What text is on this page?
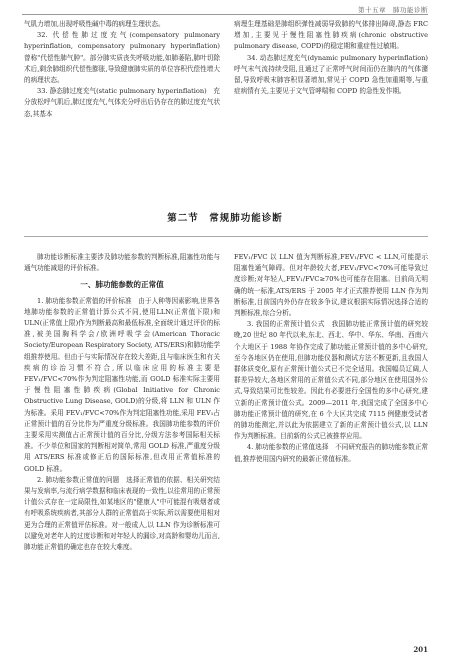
第十五章　肺功能诊断

气肌力增加,出现呼吸性碱中毒的病理生理状态。

32. 代偿性肺过度充气(compensatory pulmonary hyperinflation, compensatory pulmonary hyperinflation)　曾称"代偿性肺气肿"。部分肺实质丧失呼吸功能,如肺萎陷,肺叶切除术后,剩余肺组织代偿性膨胀,导致健康肺实质的单位容积代偿性增大的病理状态。

33. 静态肺过度充气(static pulmonary hyperinflation)　充分放松呼气肌后,肺过度充气,气体充分呼出后仍存在的肺过度充气状态,其基本

病理生理基础是肺组织弹性减弱导致肺的气体排出障碍,静态 FRC 增加,主要见于慢性阻塞性肺疾病(chronic obstructive pulmonary disease, COPD)的稳定期和重症性过敏期。

34. 动态肺过度充气(dynamic pulmonary hyperinflation)　呼气末气流持续受阻,且通过了正常呼气时间而仍在肺内的气体潴留,导致呼吸末肺容积显著增加,常见于 COPD 急性加重期等,与重症病情有关,主要见于文气管哮喘和 COPD 的急性发作期。

第二节　常规肺功能诊断

肺功能诊断标准主要涉及肺功能参数的判断标准,阻塞性功能与通气功能减退的评价标准。

一、肺功能参数的正常值

1. 肺功能参数正常值的评价标准　由于人种等因素影响,世界各地肺功能参数的正常值计算公式不同,使用LLN(正常值下限)和 ULN(正常值上限)作为判断最高和最低标准,全面统计通过评价的标准,被美国胸科学会/欧洲呼吸学会(American Thoracic Society/European Respiratory Society, ATS/ERS)和肺功能学组推荐使用。但由于与实际情况存在较大差距,且与临床医生和有关疾病的诊治习惯不符合,所以临床应用的标准主要是 FEV₁/FVC<70%作为判定阻塞性功能,而 GOLD 标准实际主要用于慢性阻塞性肺疾病(Global Initiative for Chronic Obstructive Lung Disease, GOLD)的分级,将 LLN 和 ULN 作为标准。采用 FEV₁/FVC<70%作为判定阻塞性功能,采用 FEV₁占正常预计值的百分比作为严重度分级标准。我国肺功能参数的评价主要采用实测值占正常预计值的百分比,分级方法参考国际相关标准。不少单位和国家的判断相对简单,常用 GOLD 标准,严重度分级用 ATS/ERS 标准或修正后的国际标准,但改用正常值标准的 GOLD 标准。

2. 肺功能参数正常值的问题　选择正常值的依据、相关研究结果与发病率,与流行病学数据和临床表现的一致性,以往常用的正常预计值公式存在一定局限性,如某地区的"健康人"中可能混有吸烟者或有呼吸系统疾病者,其部分人群的正常值高于实际,所以需要使用相对更为合理的正常值评估标准。对一般成人,以 LLN 作为诊断标准可以避免对老年人的过度诊断和对年轻人的漏诊,对高龄和婴幼儿而言,肺功能正常值的确定也存在较大难度。

FEV₁/FVC 以 LLN 值为判断标准,FEV₁/FVC < LLN,可能提示阻塞性通气障碍。但对年龄较大者,FEV₁/FVC<70%可能导致过度诊断;对年轻人,FEV₁/FVC≥70%也可能存在阻塞。目前尚无明确的统一标准,ATS/ERS 于 2005 年才正式推荐使用 LLN 作为判断标准,目前国内外仍存在较多争议,建议根据实际情况选择合适的判断标准,综合分析。

3. 我国的正常预计值公式　我国肺功能正常预计值的研究较晚,20 世纪 80 年代以来,东北、西北、华中、华东、华南、西南六个大地区于 1988 年协作完成了肺功能正常预计值的多中心研究,至今各地区仍在使用,但肺功能仪器和测试方法不断更新,且我国人群体质变化,原有正常预计值公式已不完全适用。我国幅员辽阔,人群差异较大,各地区常用的正常值公式不同,部分地区在使用国外公式,导致结果可比性较差。因此有必要进行全国性的多中心研究,建立新的正常预计值公式。2009—2011 年,我国完成了全国多中心肺功能正常预计值的研究,在 6 个大区共完成 7115 例健康受试者的肺功能测定,并以此为依据建立了新的正常预计值公式,以 LLN 作为判断标准。目前新的公式已被推荐应用。

4. 肺功能参数的正常值选择　不同研究报告的肺功能参数正常值,推荐使用国内研究的最新正常值标准。

201
